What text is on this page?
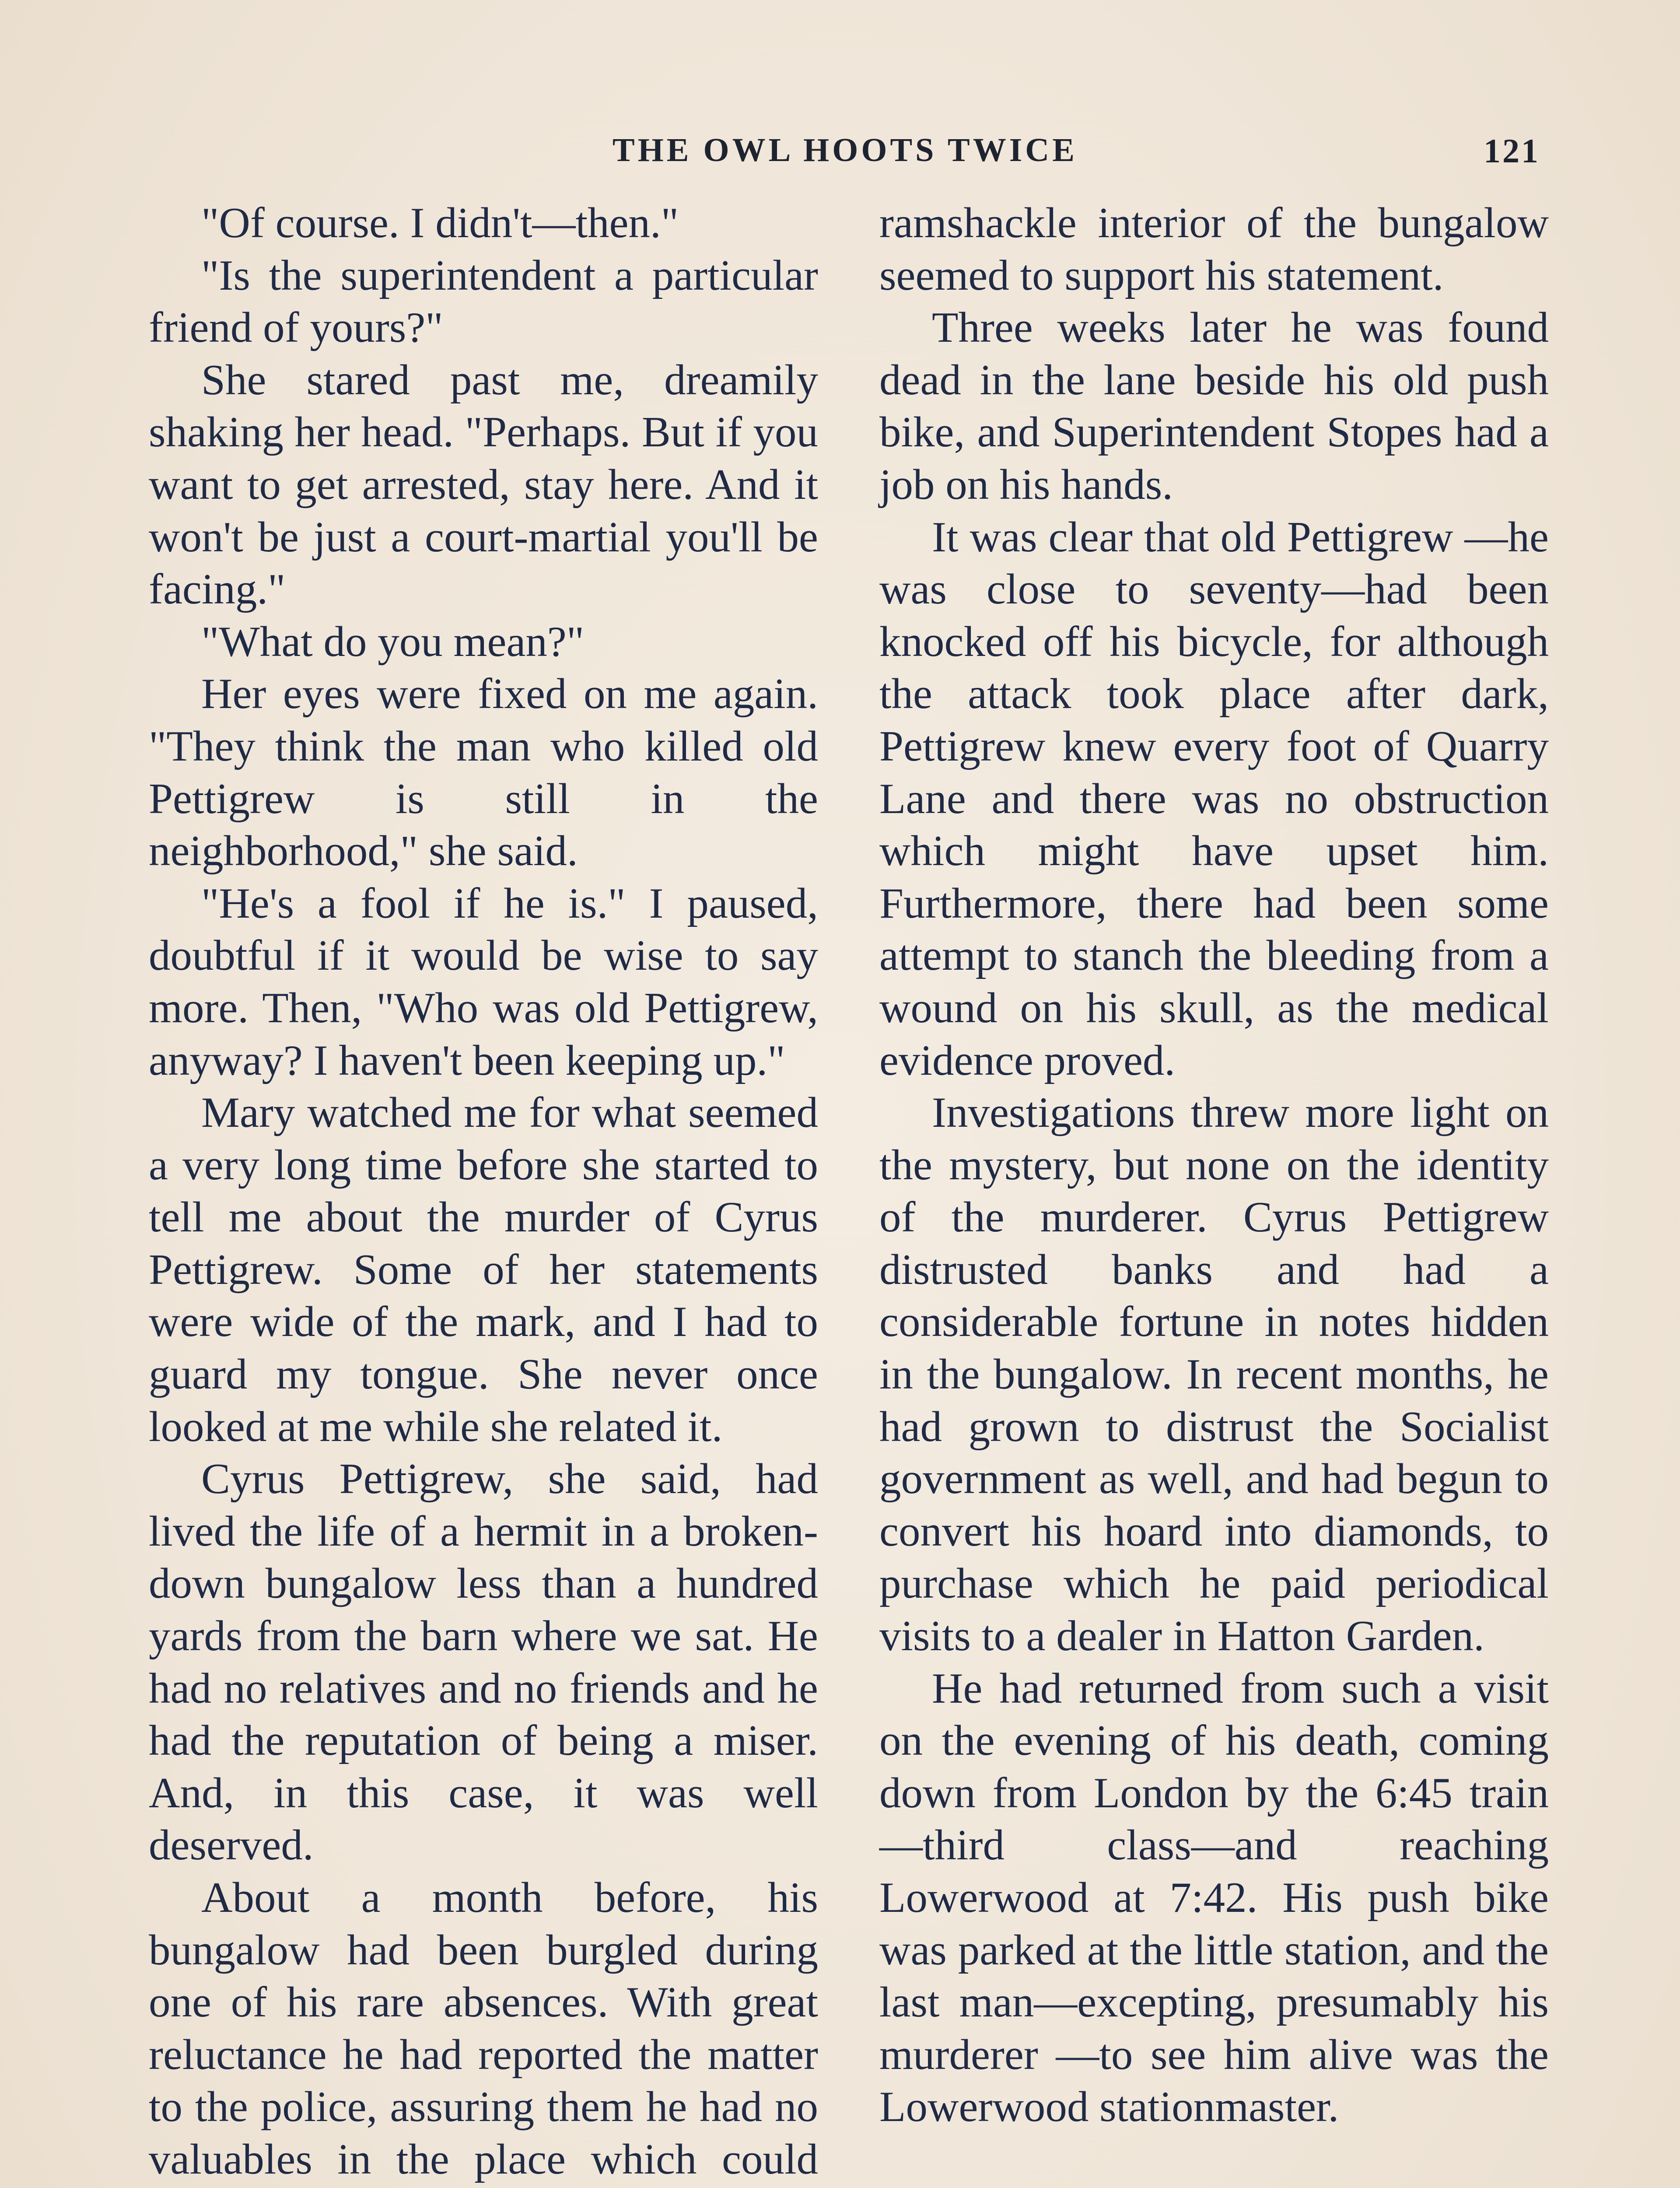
THE OWL HOOTS TWICE	121

"Of course. I didn't—then."

"Is the superintendent a particular friend of yours?"

She stared past me, dreamily shaking her head. "Perhaps. But if you want to get arrested, stay here. And it won't be just a court-martial you'll be facing."

"What do you mean?"

Her eyes were fixed on me again. "They think the man who killed old Pettigrew is still in the neighborhood," she said.

"He's a fool if he is." I paused, doubtful if it would be wise to say more. Then, "Who was old Pettigrew, anyway? I haven't been keeping up."

Mary watched me for what seemed a very long time before she started to tell me about the murder of Cyrus Pettigrew. Some of her statements were wide of the mark, and I had to guard my tongue. She never once looked at me while she related it.

Cyrus Pettigrew, she said, had lived the life of a hermit in a broken-down bungalow less than a hundred yards from the barn where we sat. He had no relatives and no friends and he had the reputation of being a miser. And, in this case, it was well deserved.

About a month before, his bungalow had been burgled during one of his rare absences. With great reluctance he had reported the matter to the police, assuring them he had no valuables in the place which could

ramshackle interior of the bungalow seemed to support his statement.

Three weeks later he was found dead in the lane beside his old push bike, and Superintendent Stopes had a job on his hands.

It was clear that old Pettigrew —he was close to seventy—had been knocked off his bicycle, for although the attack took place after dark, Pettigrew knew every foot of Quarry Lane and there was no obstruction which might have upset him. Furthermore, there had been some attempt to stanch the bleeding from a wound on his skull, as the medical evidence proved.

Investigations threw more light on the mystery, but none on the identity of the murderer. Cyrus Pettigrew distrusted banks and had a considerable fortune in notes hidden in the bungalow. In recent months, he had grown to distrust the Socialist government as well, and had begun to convert his hoard into diamonds, to purchase which he paid periodical visits to a dealer in Hatton Garden.

He had returned from such a visit on the evening of his death, coming down from London by the 6:45 train—third class—and reaching Lowerwood at 7:42. His push bike was parked at the little station, and the last man—excepting, presumably his murderer —to see him alive was the Lowerwood stationmaster.
